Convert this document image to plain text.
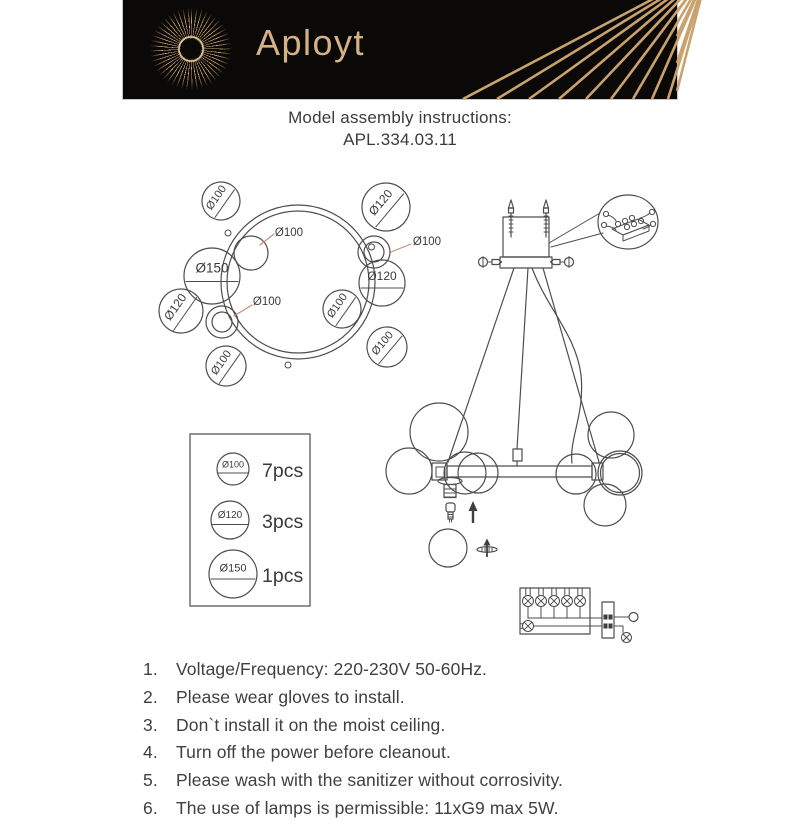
Aployt
Model assembly instructions:
APL.334.03.11
Ø100	Ø120
Ø150
Ø120	Ø100
Ø120
Ø100
Ø100
Ø100
Ø100
Ø100
Ø100 7pcs
Ø120 3pcs
Ø150 1pcs
1.	Voltage/Frequency: 220-230V 50-60Hz.
2.	Please wear gloves to install.
3.	Don`t install it on the moist ceiling.
4.	Turn off the power before cleanout.
5.	Please wash with the sanitizer without corrosivity.
6.	The use of lamps is permissible: 11xG9 max 5W.
